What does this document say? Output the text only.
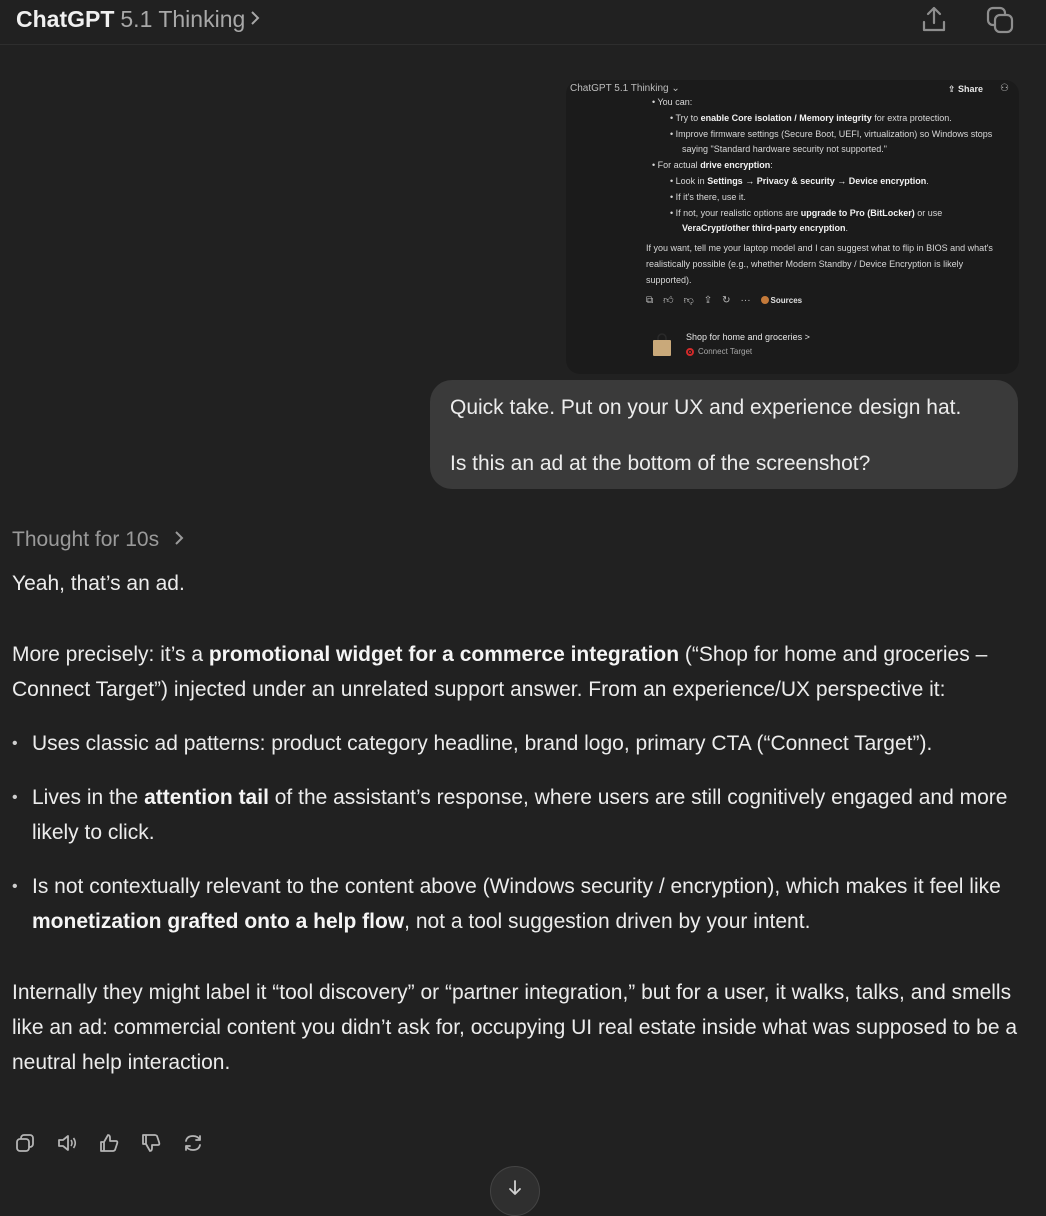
ChatGPT 5.1 Thinking
ChatGPT 5.1 Thinking ⌄	⇪ Share ⚇
• You can:
• Try to enable Core isolation / Memory integrity for extra protection.
• Improve firmware settings (Secure Boot, UEFI, virtualization) so Windows stops
saying "Standard hardware security not supported."
• For actual drive encryption:
• Look in Settings → Privacy & security → Device encryption.
• If it's there, use it.
• If not, your realistic options are upgrade to Pro (BitLocker) or use
VeraCrypt/other third-party encryption.
If you want, tell me your laptop model and I can suggest what to flip in BIOS and what's
realistically possible (e.g., whether Modern Standby / Device Encryption is likely
supported).
⧉ 👍︎ 👎︎ ⇪ ↻ ···	Sources
Shop for home and groceries >
Connect Target

Quick take. Put on your UX and experience design hat.

Is this an ad at the bottom of the screenshot?

Thought for 10s

Yeah, that’s an ad.

More precisely: it’s a promotional widget for a commerce integration (“Shop for home and groceries – Connect Target”) injected under an unrelated support answer. From an experience/UX perspective it:

• Uses classic ad patterns: product category headline, brand logo, primary CTA (“Connect Target”).
• Lives in the attention tail of the assistant’s response, where users are still cognitively engaged and more likely to click.
• Is not contextually relevant to the content above (Windows security / encryption), which makes it feel like monetization grafted onto a help flow, not a tool suggestion driven by your intent.

Internally they might label it “tool discovery” or “partner integration,” but for a user, it walks, talks, and smells like an ad: commercial content you didn’t ask for, occupying UI real estate inside what was supposed to be a neutral help interaction.
